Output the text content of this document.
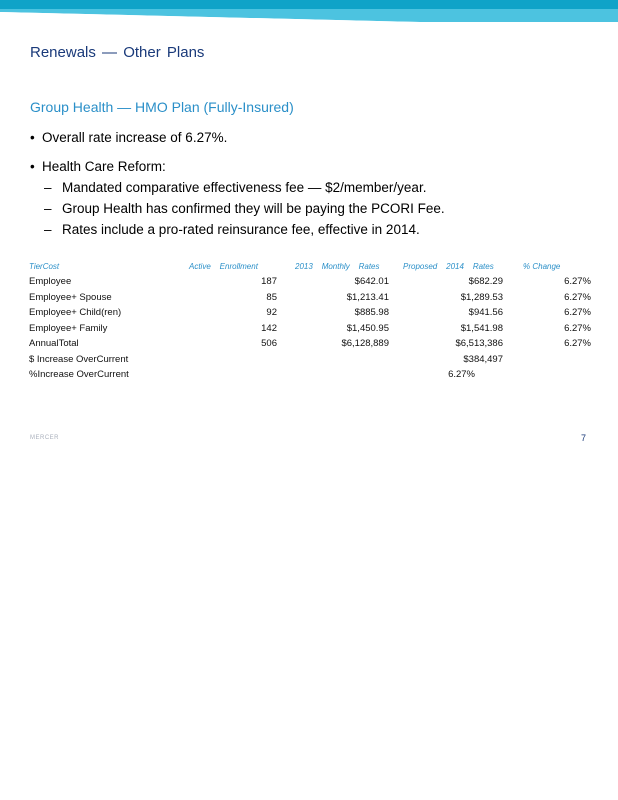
Renewals — Other Plans
Group Health — HMO Plan (Fully-Insured)
• Overall rate increase of 6.27%.
• Health Care Reform:
– Mandated comparative effectiveness fee — $2/member/year.
– Group Health has confirmed they will be paying the PCORI Fee.
– Rates include a pro-rated reinsurance fee, effective in 2014.
TierCost	Active    Enrollment	2013    Monthly    Rates	Proposed    2014    Rates	% Change
Employee	187	$642.01	$682.29	6.27%
Employee+ Spouse	85	$1,213.41	$1,289.53	6.27%
Employee+ Child(ren)	92	$885.98	$941.56	6.27%
Employee+ Family	142	$1,450.95	$1,541.98	6.27%
AnnualTotal	506	$6,128,889	$6,513,386	6.27%
$ Increase OverCurrent			$384,497	
%Increase OverCurrent			6.27%	
MERCER	7
